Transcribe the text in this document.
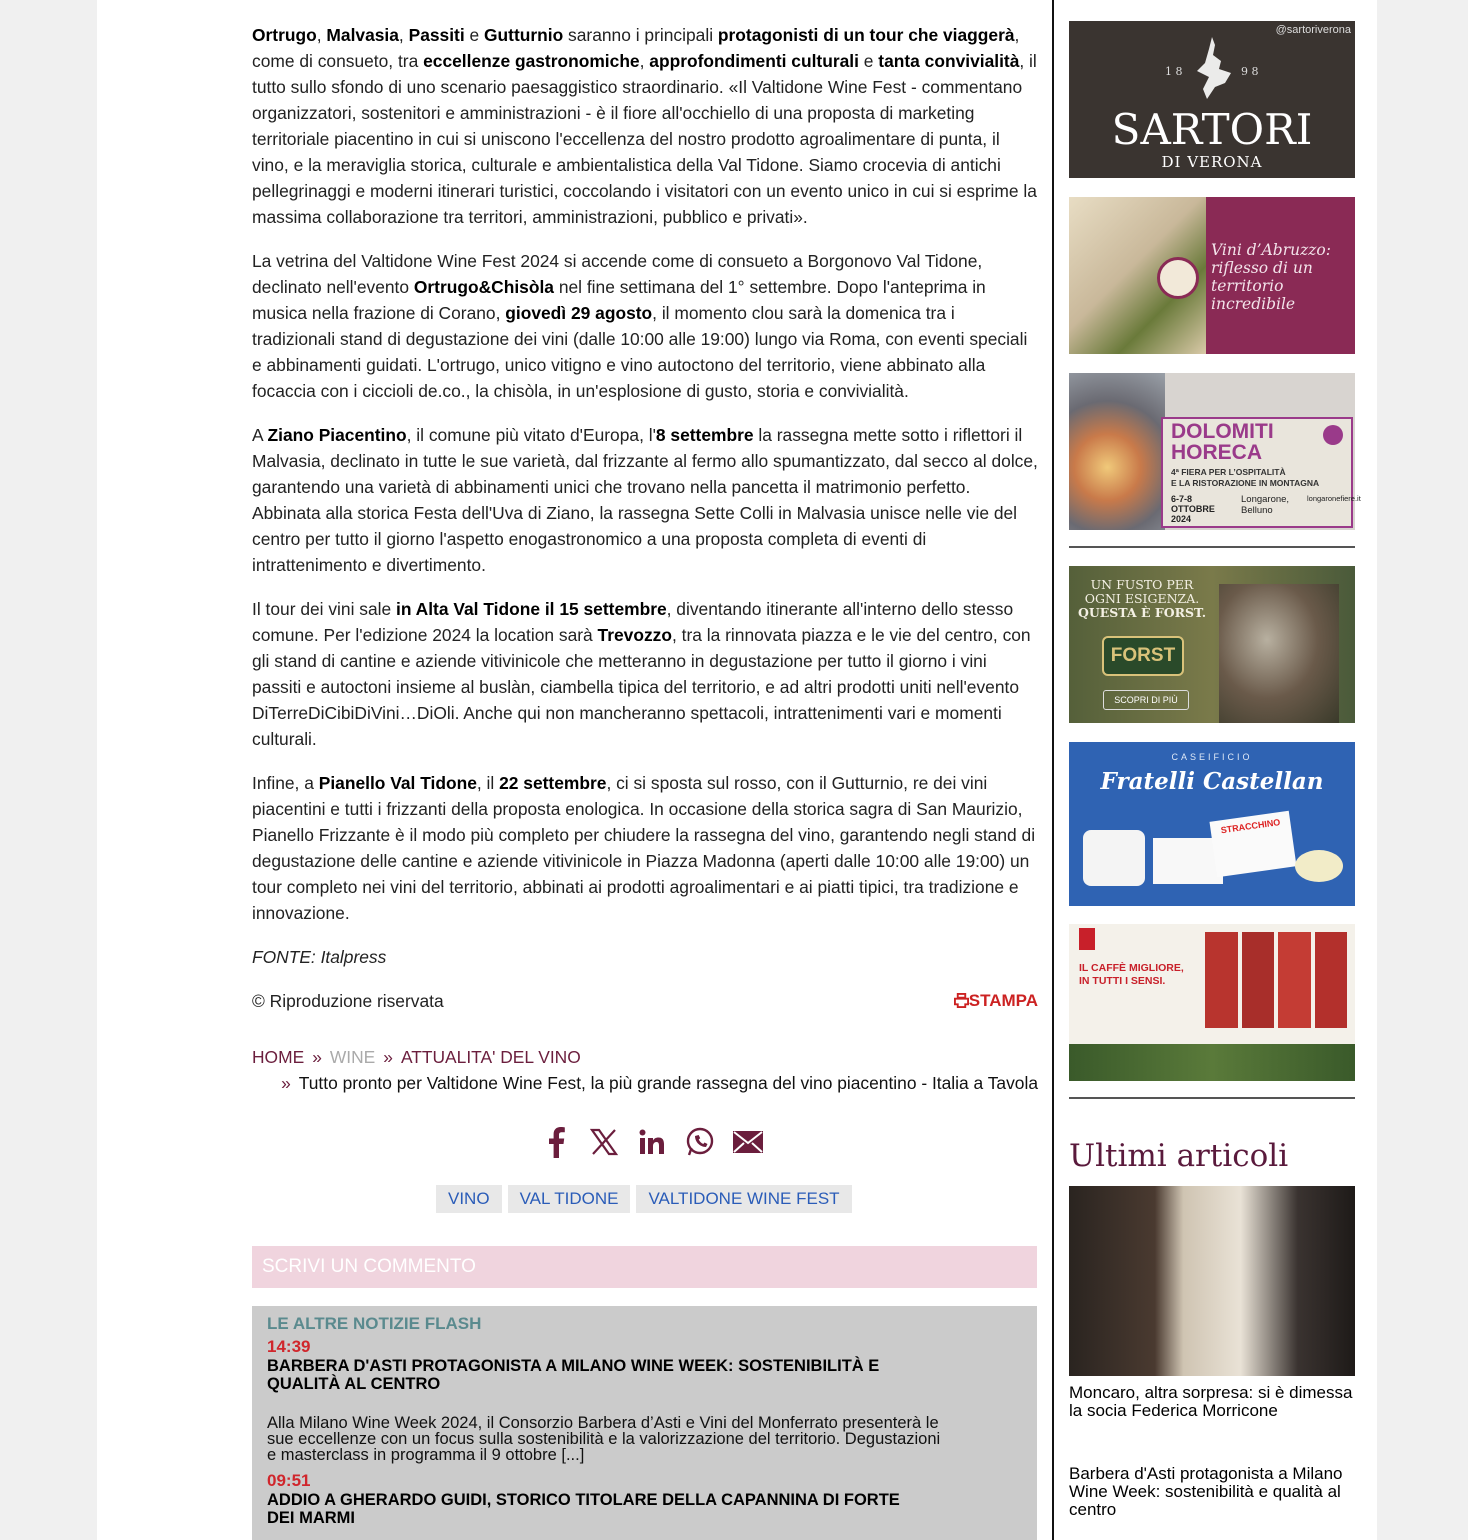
Ortrugo, Malvasia, Passiti e Gutturnio saranno i principali protagonisti di un tour che viaggerà, come di consueto, tra eccellenze gastronomiche, approfondimenti culturali e tanta convivialità, il tutto sullo sfondo di uno scenario paesaggistico straordinario. «Il Valtidone Wine Fest - commentano organizzatori, sostenitori e amministrazioni - è il fiore all'occhiello di una proposta di marketing territoriale piacentino in cui si uniscono l'eccellenza del nostro prodotto agroalimentare di punta, il vino, e la meraviglia storica, culturale e ambientalistica della Val Tidone. Siamo crocevia di antichi pellegrinaggi e moderni itinerari turistici, coccolando i visitatori con un evento unico in cui si esprime la massima collaborazione tra territori, amministrazioni, pubblico e privati».

La vetrina del Valtidone Wine Fest 2024 si accende come di consueto a Borgonovo Val Tidone, declinato nell'evento Ortrugo&Chisòla nel fine settimana del 1° settembre. Dopo l'anteprima in musica nella frazione di Corano, giovedì 29 agosto, il momento clou sarà la domenica tra i tradizionali stand di degustazione dei vini (dalle 10:00 alle 19:00) lungo via Roma, con eventi speciali e abbinamenti guidati. L'ortrugo, unico vitigno e vino autoctono del territorio, viene abbinato alla focaccia con i ciccioli de.co., la chisòla, in un'esplosione di gusto, storia e convivialità.

A Ziano Piacentino, il comune più vitato d'Europa, l'8 settembre la rassegna mette sotto i riflettori il Malvasia, declinato in tutte le sue varietà, dal frizzante al fermo allo spumantizzato, dal secco al dolce, garantendo una varietà di abbinamenti unici che trovano nella pancetta il matrimonio perfetto. Abbinata alla storica Festa dell'Uva di Ziano, la rassegna Sette Colli in Malvasia unisce nelle vie del centro per tutto il giorno l'aspetto enogastronomico a una proposta completa di eventi di intrattenimento e divertimento.

Il tour dei vini sale in Alta Val Tidone il 15 settembre, diventando itinerante all'interno dello stesso comune. Per l'edizione 2024 la location sarà Trevozzo, tra la rinnovata piazza e le vie del centro, con gli stand di cantine e aziende vitivinicole che metteranno in degustazione per tutto il giorno i vini passiti e autoctoni insieme al buslàn, ciambella tipica del territorio, e ad altri prodotti uniti nell'evento DiTerreDiCibiDiVini…DiOli. Anche qui non mancheranno spettacoli, intrattenimenti vari e momenti culturali.

Infine, a Pianello Val Tidone, il 22 settembre, ci si sposta sul rosso, con il Gutturnio, re dei vini piacentini e tutti i frizzanti della proposta enologica. In occasione della storica sagra di San Maurizio, Pianello Frizzante è il modo più completo per chiudere la rassegna del vino, garantendo negli stand di degustazione delle cantine e aziende vitivinicole in Piazza Madonna (aperti dalle 10:00 alle 19:00) un tour completo nei vini del territorio, abbinati ai prodotti agroalimentari e ai piatti tipici, tra tradizione e innovazione.

FONTE: Italpress

© Riproduzione riservata	STAMPA
HOME » WINE » ATTUALITA' DEL VINO
» Tutto pronto per Valtidone Wine Fest, la più grande rassegna del vino piacentino - Italia a Tavola
VINO	VAL TIDONE	VALTIDONE WINE FEST
SCRIVI UN COMMENTO
LE ALTRE NOTIZIE FLASH
14:39
BARBERA D'ASTI PROTAGONISTA A MILANO WINE WEEK: SOSTENIBILITÀ E QUALITÀ AL CENTRO
Alla Milano Wine Week 2024, il Consorzio Barbera d’Asti e Vini del Monferrato presenterà le sue eccellenze con un focus sulla sostenibilità e la valorizzazione del territorio. Degustazioni e masterclass in programma il 9 ottobre [...]
09:51
ADDIO A GHERARDO GUIDI, STORICO TITOLARE DELLA CAPANNINA DI FORTE DEI MARMI
@sartoriverona
1 8	9 8
SARTORI
DI VERONA
Vini d’Abruzzo:
riflesso di un territorio
incredibile
DOLOMITI
HORECA
4ª FIERA PER L’OSPITALITÀ
E LA RISTORAZIONE IN MONTAGNA
6-7-8 OTTOBRE 2024
Longarone, Belluno
longaronefiere.it
UN FUSTO PER
OGNI ESIGENZA.
QUESTA È FORST.
FORST
SCOPRI DI PIÙ
CASEIFICIO
Fratelli Castellan
STRACCHINO
IL CAFFÈ MIGLIORE,
IN TUTTI I SENSI.
Ultimi articoli
Moncaro, altra sorpresa: si è dimessa la socia Federica Morricone
Barbera d'Asti protagonista a Milano Wine Week: sostenibilità e qualità al centro
